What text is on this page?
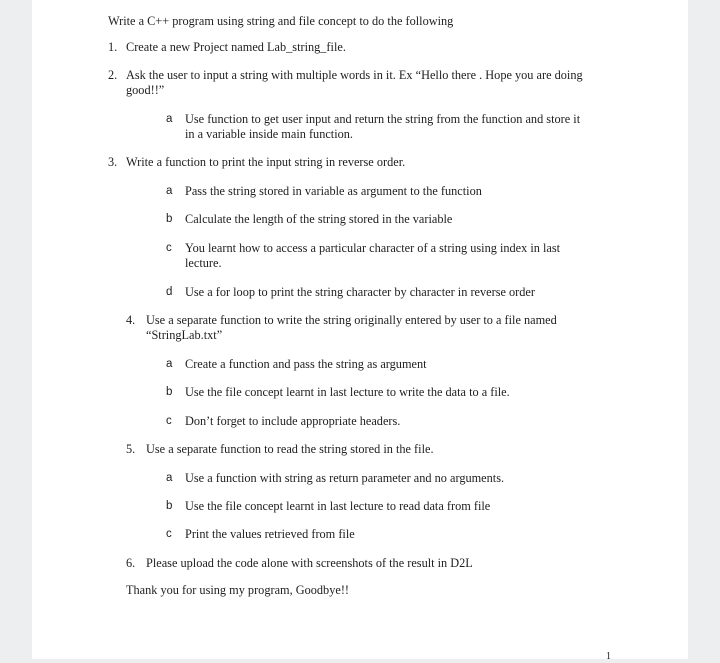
Write a C++ program using string and file concept to do the following
1. Create a new Project named Lab_string_file.
2. Ask the user to input a string with multiple words in it. Ex “Hello there . Hope you are doing
good!!”
a Use function to get user input and return the string from the function and store it
in a variable inside main function.
3. Write a function to print the input string in reverse order.
a Pass the string stored in variable as argument to the function
b Calculate the length of the string stored in the variable
c You learnt how to access a particular character of a string using index in last
lecture.
d Use a for loop to print the string character by character in reverse order
4. Use a separate function to write the string originally entered by user to a file named
“StringLab.txt”
a Create a function and pass the string as argument
b Use the file concept learnt in last lecture to write the data to a file.
c Don’t forget to include appropriate headers.
5. Use a separate function to read the string stored in the file.
a Use a function with string as return parameter and no arguments.
b Use the file concept learnt in last lecture to read data from file
c Print the values retrieved from file
6. Please upload the code alone with screenshots of the result in D2L
Thank you for using my program, Goodbye!!
1
